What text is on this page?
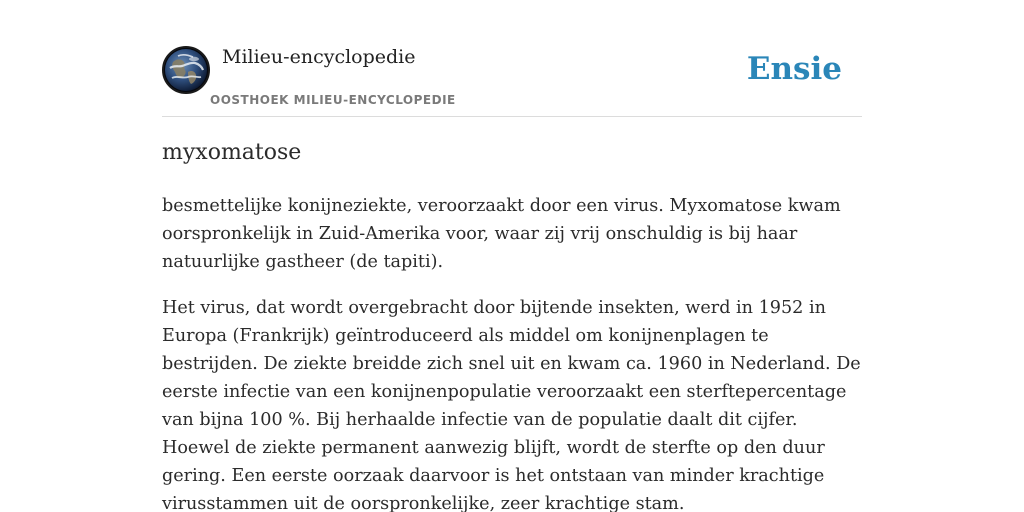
Milieu-encyclopedie
OOSTHOEK MILIEU-ENCYCLOPEDIE
Ensie
myxomatose

besmettelijke konijneziekte, veroorzaakt door een virus. Myxomatose kwam oorspronkelijk in Zuid-Amerika voor, waar zij vrij onschuldig is bij haar natuurlijke gastheer (de tapiti).

Het virus, dat wordt overgebracht door bijtende insekten, werd in 1952 in Europa (Frankrijk) geïntroduceerd als middel om konijnenplagen te bestrijden. De ziekte breidde zich snel uit en kwam ca. 1960 in Nederland. De eerste infectie van een konijnenpopulatie veroorzaakt een sterftepercentage van bijna 100 %. Bij herhaalde infectie van de populatie daalt dit cijfer. Hoewel de ziekte permanent aanwezig blijft, wordt de sterfte op den duur gering. Een eerste oorzaak daarvoor is het ontstaan van minder krachtige virusstammen uit de oorspronkelijke, zeer krachtige stam.
